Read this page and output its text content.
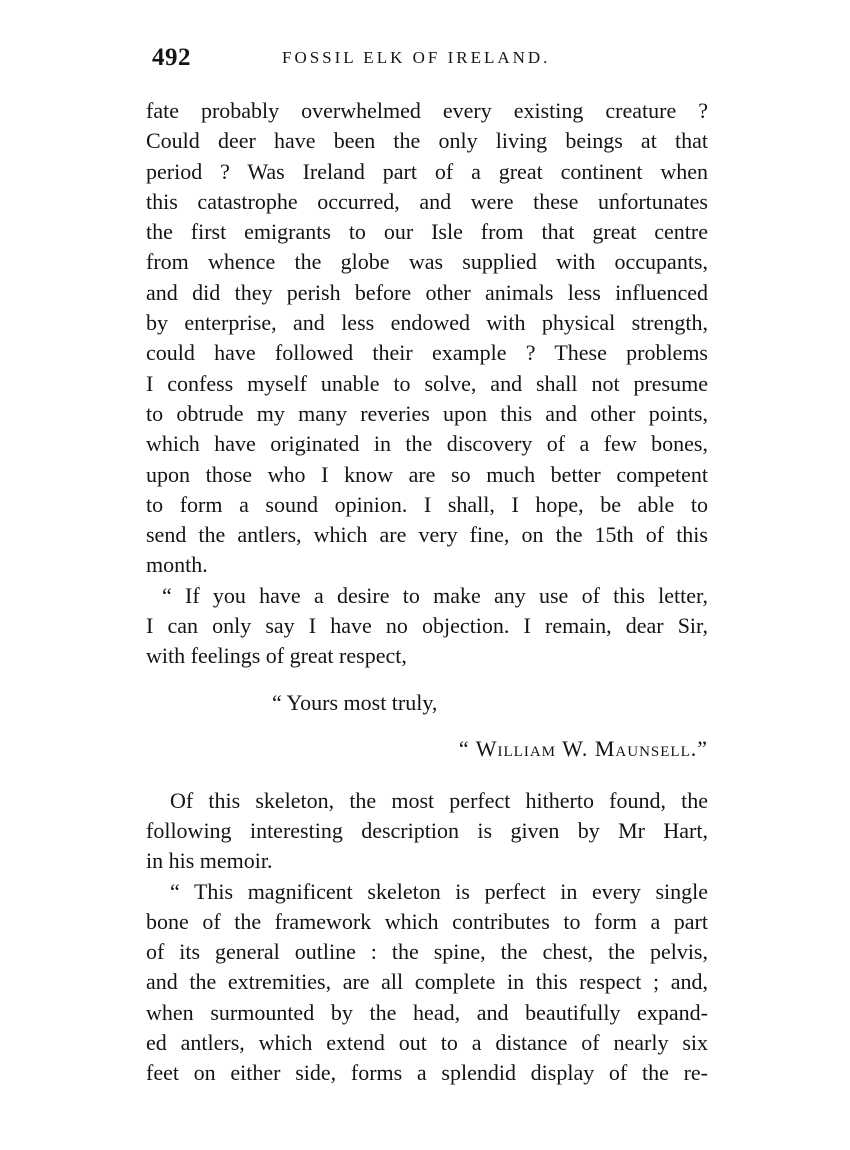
492	FOSSIL ELK OF IRELAND.
fate probably overwhelmed every existing creature ?
Could deer have been the only living beings at that
period ? Was Ireland part of a great continent when
this catastrophe occurred, and were these unfortunates
the first emigrants to our Isle from that great centre
from whence the globe was supplied with occupants,
and did they perish before other animals less influenced
by enterprise, and less endowed with physical strength,
could have followed their example ? These problems
I confess myself unable to solve, and shall not presume
to obtrude my many reveries upon this and other points,
which have originated in the discovery of a few bones,
upon those who I know are so much better competent
to form a sound opinion. I shall, I hope, be able to
send the antlers, which are very fine, on the 15th of this
month.
“ If you have a desire to make any use of this letter,
I can only say I have no objection. I remain, dear Sir,
with feelings of great respect,
“ Yours most truly,
“ William W. Maunsell.”
Of this skeleton, the most perfect hitherto found, the
following interesting description is given by Mr Hart,
in his memoir.
“ This magnificent skeleton is perfect in every single
bone of the framework which contributes to form a part
of its general outline : the spine, the chest, the pelvis,
and the extremities, are all complete in this respect ; and,
when surmounted by the head, and beautifully expand-
ed antlers, which extend out to a distance of nearly six
feet on either side, forms a splendid display of the re-
